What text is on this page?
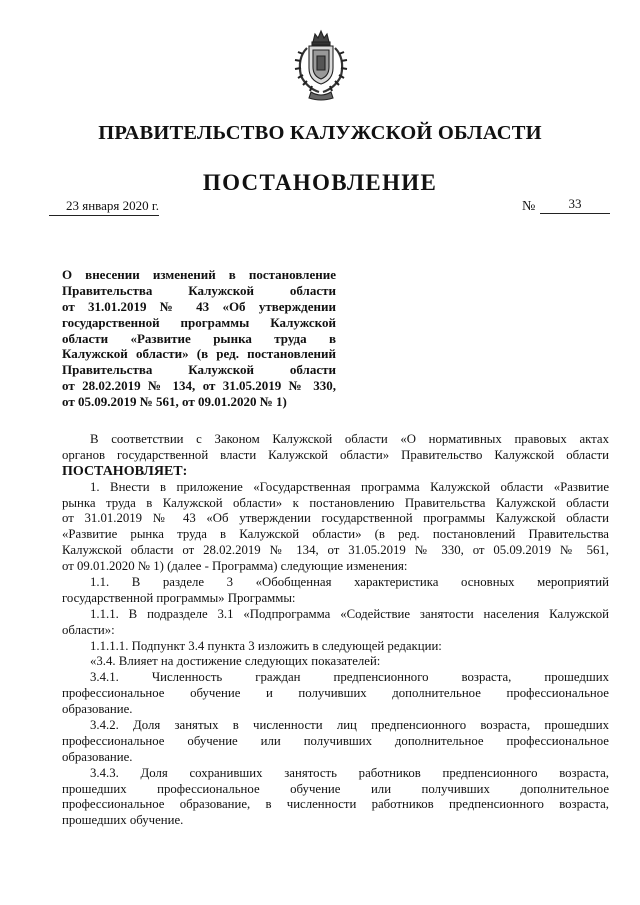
ПРАВИТЕЛЬСТВО КАЛУЖСКОЙ ОБЛАСТИ
ПОСТАНОВЛЕНИЕ
23 января 2020 г.	№	33
О внесении изменений в постановление
Правительства Калужской области
от 31.01.2019 № 43 «Об утверждении
государственной программы Калужской
области «Развитие рынка труда в
Калужской области» (в ред. постановлений
Правительства Калужской области
от 28.02.2019 № 134, от 31.05.2019 № 330,
от 05.09.2019 № 561, от 09.01.2020 № 1)
В соответствии с Законом Калужской области «О нормативных правовых актах
органов государственной власти Калужской области» Правительство Калужской области
ПОСТАНОВЛЯЕТ:
1. Внести в приложение «Государственная программа Калужской области «Развитие
рынка труда в Калужской области» к постановлению Правительства Калужской области
от 31.01.2019 № 43 «Об утверждении государственной программы Калужской области
«Развитие рынка труда в Калужской области» (в ред. постановлений Правительства
Калужской области от 28.02.2019 № 134, от 31.05.2019 № 330, от 05.09.2019 № 561,
от 09.01.2020 № 1) (далее - Программа) следующие изменения:
1.1. В разделе 3 «Обобщенная характеристика основных мероприятий
государственной программы» Программы:
1.1.1. В подразделе 3.1 «Подпрограмма «Содействие занятости населения Калужской
области»:
1.1.1.1. Подпункт 3.4 пункта 3 изложить в следующей редакции:
«3.4. Влияет на достижение следующих показателей:
3.4.1. Численность граждан предпенсионного возраста, прошедших
профессиональное обучение и получивших дополнительное профессиональное
образование.
3.4.2. Доля занятых в численности лиц предпенсионного возраста, прошедших
профессиональное обучение или получивших дополнительное профессиональное
образование.
3.4.3. Доля сохранивших занятость работников предпенсионного возраста,
прошедших профессиональное обучение или получивших дополнительное
профессиональное образование, в численности работников предпенсионного возраста,
прошедших обучение.
